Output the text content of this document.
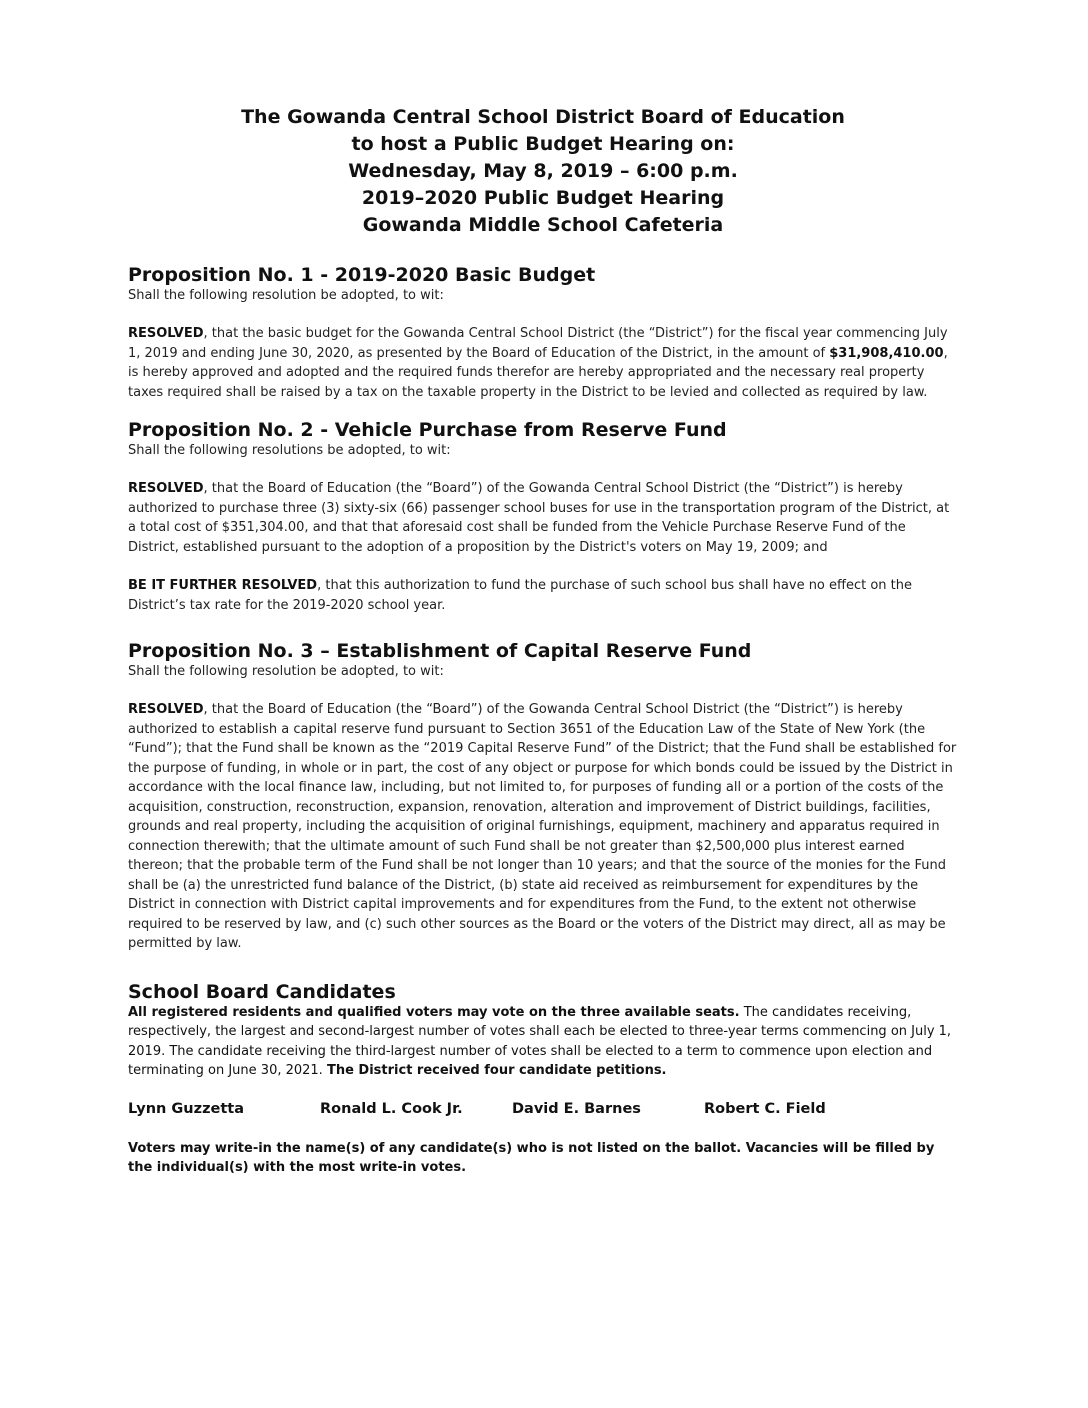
The Gowanda Central School District Board of Education
to host a Public Budget Hearing on:
Wednesday, May 8, 2019 – 6:00 p.m.
2019–2020 Public Budget Hearing
Gowanda Middle School Cafeteria
Proposition No. 1 - 2019-2020 Basic Budget

Shall the following resolution be adopted, to wit:

RESOLVED, that the basic budget for the Gowanda Central School District (the “District”) for the fiscal year commencing July 1, 2019 and ending June 30, 2020, as presented by the Board of Education of the District, in the amount of $31,908,410.00, is hereby approved and adopted and the required funds therefor are hereby appropriated and the necessary real property taxes required shall be raised by a tax on the taxable property in the District to be levied and collected as required by law.

Proposition No. 2 - Vehicle Purchase from Reserve Fund

Shall the following resolutions be adopted, to wit:

RESOLVED, that the Board of Education (the “Board”) of the Gowanda Central School District (the “District”) is hereby authorized to purchase three (3) sixty-six (66) passenger school buses for use in the transportation program of the District, at a total cost of $351,304.00, and that that aforesaid cost shall be funded from the Vehicle Purchase Reserve Fund of the District, established pursuant to the adoption of a proposition by the District's voters on May 19, 2009; and

BE IT FURTHER RESOLVED, that this authorization to fund the purchase of such school bus shall have no effect on the District’s tax rate for the 2019-2020 school year.

Proposition No. 3 – Establishment of Capital Reserve Fund

Shall the following resolution be adopted, to wit:

RESOLVED, that the Board of Education (the “Board”) of the Gowanda Central School District (the “District”) is hereby authorized to establish a capital reserve fund pursuant to Section 3651 of the Education Law of the State of New York (the “Fund”); that the Fund shall be known as the “2019 Capital Reserve Fund” of the District; that the Fund shall be established for the purpose of funding, in whole or in part, the cost of any object or purpose for which bonds could be issued by the District in accordance with the local finance law, including, but not limited to, for purposes of funding all or a portion of the costs of the acquisition, construction, reconstruction, expansion, renovation, alteration and improvement of District buildings, facilities, grounds and real property, including the acquisition of original furnishings, equipment, machinery and apparatus required in connection therewith; that the ultimate amount of such Fund shall be not greater than $2,500,000 plus interest earned thereon; that the probable term of the Fund shall be not longer than 10 years; and that the source of the monies for the Fund shall be (a) the unrestricted fund balance of the District, (b) state aid received as reimbursement for expenditures by the District in connection with District capital improvements and for expenditures from the Fund, to the extent not otherwise required to be reserved by law, and (c) such other sources as the Board or the voters of the District may direct, all as may be permitted by law.

School Board Candidates

All registered residents and qualified voters may vote on the three available seats. The candidates receiving, respectively, the largest and second-largest number of votes shall each be elected to three-year terms commencing on July 1, 2019. The candidate receiving the third-largest number of votes shall be elected to a term to commence upon election and terminating on June 30, 2021. The District received four candidate petitions.

Lynn Guzzetta	Ronald L. Cook Jr.	David E. Barnes	Robert C. Field

Voters may write-in the name(s) of any candidate(s) who is not listed on the ballot. Vacancies will be filled by the individual(s) with the most write-in votes.
